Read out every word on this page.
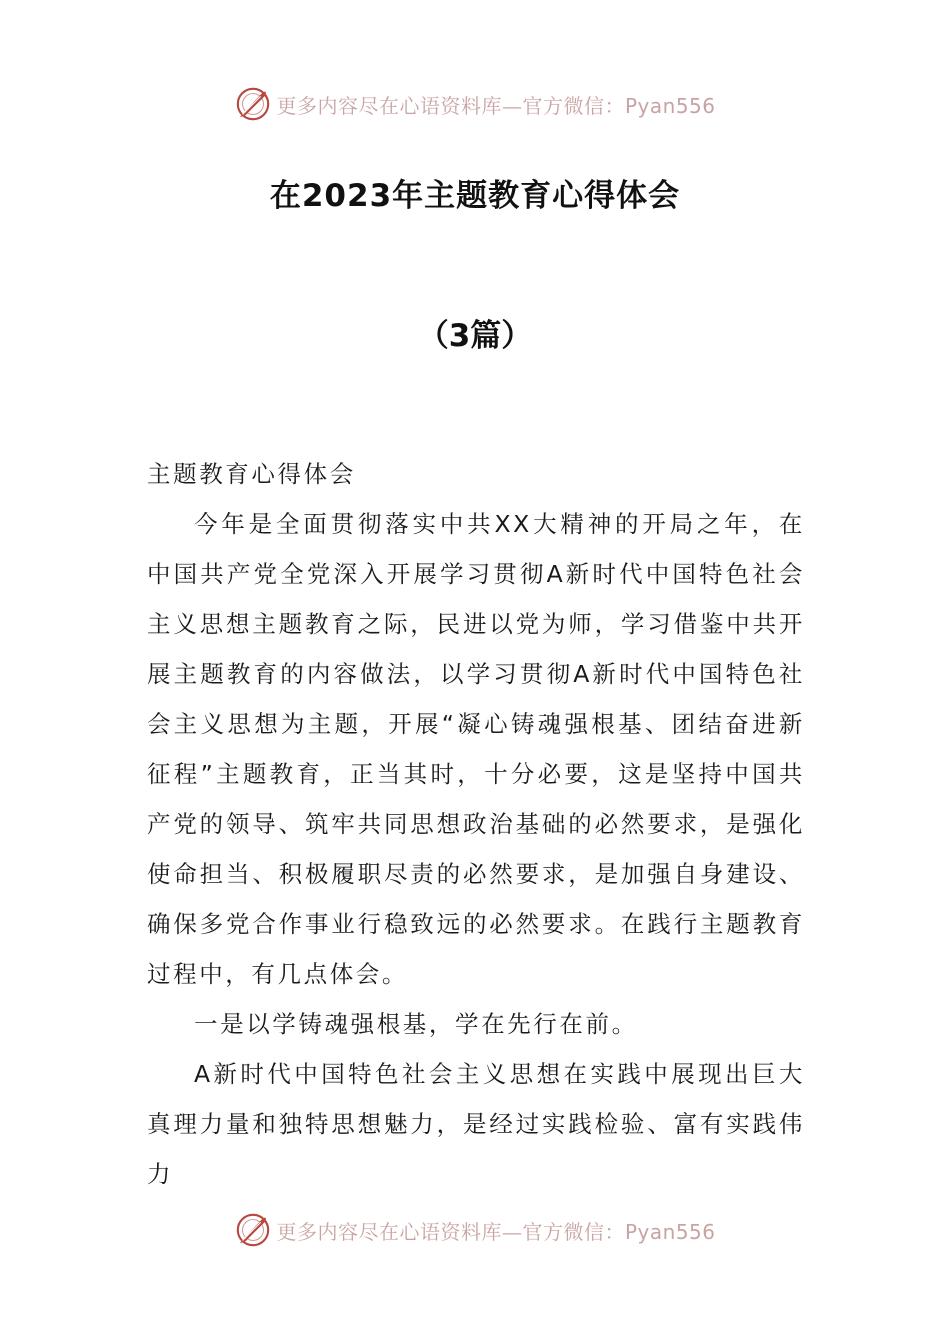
更多内容尽在心语资料库—官方微信：Pyan556
在2023年主题教育心得体会
（3篇）

主题教育心得体会

今年是全面贯彻落实中共XX大精神的开局之年，在中国共产党全党深入开展学习贯彻A新时代中国特色社会主义思想主题教育之际，民进以党为师，学习借鉴中共开展主题教育的内容做法，以学习贯彻A新时代中国特色社会主义思想为主题，开展“凝心铸魂强根基、团结奋进新征程”主题教育，正当其时，十分必要，这是坚持中国共产党的领导、筑牢共同思想政治基础的必然要求，是强化使命担当、积极履职尽责的必然要求，是加强自身建设、确保多党合作事业行稳致远的必然要求。在践行主题教育过程中，有几点体会。

一是以学铸魂强根基，学在先行在前。

A新时代中国特色社会主义思想在实践中展现出巨大真理力量和独特思想魅力，是经过实践检验、富有实践伟力

更多内容尽在心语资料库—官方微信：Pyan556
